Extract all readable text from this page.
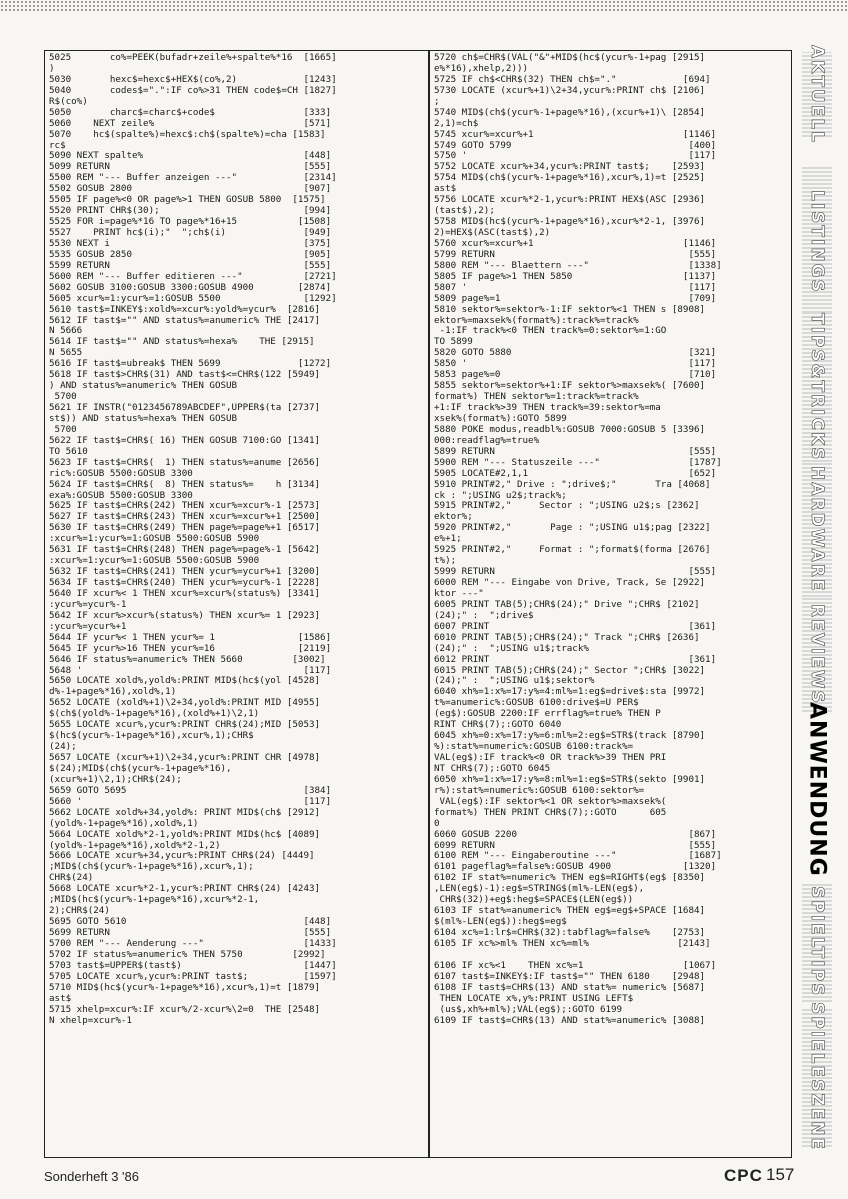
5025       co%=PEEK(bufadr+zeile%+spalte%*16  [1665]
)
5030       hexc$=hexc$+HEX$(co%,2)            [1243]
5040       codes$=".":IF co%>31 THEN code$=CH [1827]
R$(co%)
5050       charc$=charc$+code$                [333]
5060    NEXT zeile%                           [571]
5070    hc$(spalte%)=hexc$:ch$(spalte%)=cha [1583]
rc$
5090 NEXT spalte%                             [448]
5099 RETURN                                   [555]
5500 REM "--- Buffer anzeigen ---"            [2314]
5502 GOSUB 2800                               [907]
5505 IF page%<0 OR page%>1 THEN GOSUB 5800  [1575]
5520 PRINT CHR$(30);                          [994]
5525 FOR i=page%*16 TO page%*16+15           [1508]
5527    PRINT hc$(i);"  ";ch$(i)              [949]
5530 NEXT i                                   [375]
5535 GOSUB 2850                               [905]
5599 RETURN                                   [555]
5600 REM "--- Buffer editieren ---"           [2721]
5602 GOSUB 3100:GOSUB 3300:GOSUB 4900        [2874]
5605 xcur%=1:ycur%=1:GOSUB 5500               [1292]
5610 tast$=INKEY$:xold%=xcur%:yold%=ycur%  [2816]
5612 IF tast$="" AND status%=anumeric% THE [2417]
N 5666
5614 IF tast$="" AND status%=hexa%    THE [2915]
N 5655
5616 IF tast$=ubreak$ THEN 5699              [1272]
5618 IF tast$>CHR$(31) AND tast$<=CHR$(122 [5949]
) AND status%=anumeric% THEN GOSUB
5700
5621 IF INSTR("0123456789ABCDEF",UPPER$(ta [2737]
st$)) AND status%=hexa% THEN GOSUB
5700
5622 IF tast$=CHR$( 16) THEN GOSUB 7100:GO [1341]
TO 5610
5623 IF tast$=CHR$(  1) THEN status%=anume [2656]
ric%:GOSUB 5500:GOSUB 3300
5624 IF tast$=CHR$(  8) THEN status%=    h [3134]
exa%:GOSUB 5500:GOSUB 3300
5625 IF tast$=CHR$(242) THEN xcur%=xcur%-1 [2573]
5627 IF tast$=CHR$(243) THEN xcur%=xcur%+1 [2500]
5630 IF tast$=CHR$(249) THEN page%=page%+1 [6517]
:xcur%=1:ycur%=1:GOSUB 5500:GOSUB 5900
5631 IF tast$=CHR$(248) THEN page%=page%-1 [5642]
:xcur%=1:ycur%=1:GOSUB 5500:GOSUB 5900
5632 IF tast$=CHR$(241) THEN ycur%=ycur%+1 [3200]
5634 IF tast$=CHR$(240) THEN ycur%=ycur%-1 [2228]
5640 IF xcur%< 1 THEN xcur%=xcur%(status%) [3341]
:ycur%=ycur%-1
5642 IF xcur%>xcur%(status%) THEN xcur%= 1 [2923]
:ycur%=ycur%+1
5644 IF ycur%< 1 THEN ycur%= 1               [1586]
5645 IF ycur%>16 THEN ycur%=16               [2119]
5646 IF status%=anumeric% THEN 5660         [3002]
5648 '                                        [117]
5650 LOCATE xold%,yold%:PRINT MID$(hc$(yol [4528]
d%-1+page%*16),xold%,1)
5652 LOCATE (xold%+1)\2+34,yold%:PRINT MID [4955]
$(ch$(yold%-1+page%*16),(xold%+1)\2,1)
5655 LOCATE xcur%,ycur%:PRINT CHR$(24);MID [5053]
$(hc$(ycur%-1+page%*16),xcur%,1);CHR$
(24);
5657 LOCATE (xcur%+1)\2+34,ycur%:PRINT CHR [4978]
$(24);MID$(ch$(ycur%-1+page%*16),
(xcur%+1)\2,1);CHR$(24);
5659 GOTO 5695                                [384]
5660 '                                        [117]
5662 LOCATE xold%+34,yold%: PRINT MID$(ch$ [2912]
(yold%-1+page%*16),xold%,1)
5664 LOCATE xold%*2-1,yold%:PRINT MID$(hc$ [4089]
(yold%-1+page%*16),xold%*2-1,2)
5666 LOCATE xcur%+34,ycur%:PRINT CHR$(24) [4449]
;MID$(ch$(ycur%-1+page%*16),xcur%,1);
CHR$(24)
5668 LOCATE xcur%*2-1,ycur%:PRINT CHR$(24) [4243]
;MID$(hc$(ycur%-1+page%*16),xcur%*2-1,
2);CHR$(24)
5695 GOTO 5610                                [448]
5699 RETURN                                   [555]
5700 REM "--- Aenderung ---"                  [1433]
5702 IF status%=anumeric% THEN 5750         [2992]
5703 tast$=UPPER$(tast$)                      [1447]
5705 LOCATE xcur%,ycur%:PRINT tast$;          [1597]
5710 MID$(hc$(ycur%-1+page%*16),xcur%,1)=t [1879]
ast$
5715 xhelp=xcur%:IF xcur%/2-xcur%\2=0  THE [2548]
N xhelp=xcur%-1
5720 ch$=CHR$(VAL("&"+MID$(hc$(ycur%-1+pag [2915]
e%*16),xhelp,2)))
5725 IF ch$<CHR$(32) THEN ch$="."            [694]
5730 LOCATE (xcur%+1)\2+34,ycur%:PRINT ch$ [2106]
;
5740 MID$(ch$(ycur%-1+page%*16),(xcur%+1)\ [2854]
2,1)=ch$
5745 xcur%=xcur%+1                           [1146]
5749 GOTO 5799                                [400]
5750 '                                        [117]
5752 LOCATE xcur%+34,ycur%:PRINT tast$;    [2593]
5754 MID$(ch$(ycur%-1+page%*16),xcur%,1)=t [2525]
ast$
5756 LOCATE xcur%*2-1,ycur%:PRINT HEX$(ASC [2936]
(tast$),2);
5758 MID$(hc$(ycur%-1+page%*16),xcur%*2-1, [3976]
2)=HEX$(ASC(tast$),2)
5760 xcur%=xcur%+1                           [1146]
5799 RETURN                                   [555]
5800 REM "--- Blaettern ---"                  [1338]
5805 IF page%>1 THEN 5850                    [1137]
5807 '                                        [117]
5809 page%=1                                  [709]
5810 sektor%=sektor%-1:IF sektor%<1 THEN s [8908]
ektor%=maxsek%(format%):track%=track%
-1:IF track%<0 THEN track%=0:sektor%=1:GO
TO 5899
5820 GOTO 5880                                [321]
5850 '                                        [117]
5853 page%=0                                  [710]
5855 sektor%=sektor%+1:IF sektor%>maxsek%( [7600]
format%) THEN sektor%=1:track%=track%
+1:IF track%>39 THEN track%=39:sektor%=ma
xsek%(format%):GOTO 5899
5880 POKE modus,readbl%:GOSUB 7000:GOSUB 5 [3396]
000:readflag%=true%
5899 RETURN                                   [555]
5900 REM "--- Statuszeile ---"                [1787]
5905 LOCATE#2,1,1                             [652]
5910 PRINT#2," Drive : ";drive$;"       Tra [4068]
ck : ";USING u2$;track%;
5915 PRINT#2,"     Sector : ";USING u2$;s [2362]
ektor%;
5920 PRINT#2,"       Page : ";USING u1$;pag [2322]
e%+1;
5925 PRINT#2,"     Format : ";format$(forma [2676]
t%);
5999 RETURN                                   [555]
6000 REM "--- Eingabe von Drive, Track, Se [2922]
ktor ---"
6005 PRINT TAB(5);CHR$(24);" Drive ";CHR$ [2102]
(24);" :  ";drive$
6007 PRINT                                    [361]
6010 PRINT TAB(5);CHR$(24);" Track ";CHR$ [2636]
(24);" :  ";USING u1$;track%
6012 PRINT                                    [361]
6015 PRINT TAB(5);CHR$(24);" Sector ";CHR$ [3022]
(24);" :  ";USING u1$;sektor%
6040 xh%=1:x%=17:y%=4:ml%=1:eg$=drive$:sta [9972]
t%=anumeric%:GOSUB 6100:drive$=U PER$
(eg$):GOSUB 2200:IF errflag%=true% THEN P
RINT CHR$(7);:GOTO 6040
6045 xh%=0:x%=17:y%=6:ml%=2:eg$=STR$(track [8790]
%):stat%=numeric%:GOSUB 6100:track%=
VAL(eg$):IF track%<0 OR track%>39 THEN PRI
NT CHR$(7);:GOTO 6045
6050 xh%=1:x%=17:y%=8:ml%=1:eg$=STR$(sekto [9901]
r%):stat%=numeric%:GOSUB 6100:sektor%=
VAL(eg$):IF sektor%<1 OR sektor%>maxsek%(
format%) THEN PRINT CHR$(7);:GOTO      605
0
6060 GOSUB 2200                               [867]
6099 RETURN                                   [555]
6100 REM "--- Eingaberoutine ---"             [1687]
6101 pageflag%=false%:GOSUB 4900             [1320]
6102 IF stat%=numeric% THEN eg$=RIGHT$(eg$ [8350]
,LEN(eg$)-1):eg$=STRING$(ml%-LEN(eg$),
CHR$(32))+eg$:heg$=SPACE$(LEN(eg$))
6103 IF stat%=anumeric% THEN eg$=eg$+SPACE [1684]
$(ml%-LEN(eg$)):heg$=eg$
6104 xc%=1:lr$=CHR$(32):tabflag%=false%    [2753]
6105 IF xc%>ml% THEN xc%=ml%                [2143]
6106 IF xc%<1    THEN xc%=1                  [1067]
6107 tast$=INKEY$:IF tast$="" THEN 6180    [2948]
6108 IF tast$=CHR$(13) AND stat%= numeric% [5687]
THEN LOCATE x%,y%:PRINT USING LEFT$
(us$,xh%+ml%);VAL(eg$);:GOTO 6199
6109 IF tast$=CHR$(13) AND stat%=anumeric% [3088]
AKTUELL
LISTINGS
TIPS&TRICKS
HARDWARE
REVIEWS
ANWENDUNG
SPIELTIPS
SPIELESZENE
Sonderheft 3 '86	CPC 157
